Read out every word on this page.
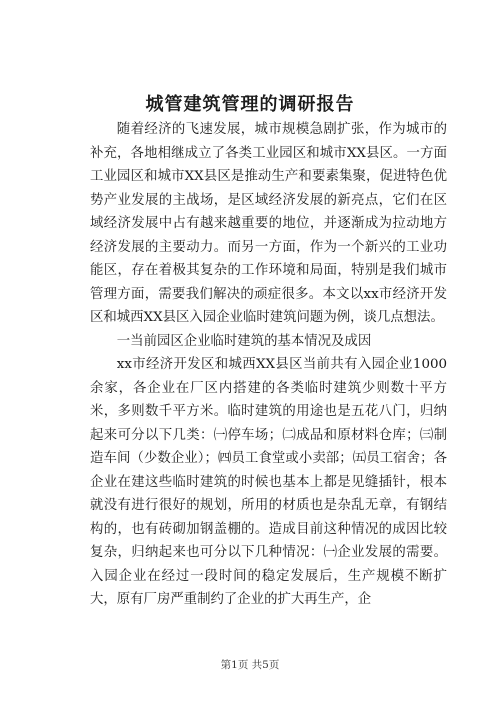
城管建筑管理的调研报告

随着经济的飞速发展，城市规模急剧扩张，作为城市的补充，各地相继成立了各类工业园区和城市XX县区。一方面工业园区和城市XX县区是推动生产和要素集聚，促进特色优势产业发展的主战场，是区域经济发展的新亮点，它们在区域经济发展中占有越来越重要的地位，并逐渐成为拉动地方经济发展的主要动力。而另一方面，作为一个新兴的工业功能区，存在着极其复杂的工作环境和局面，特别是我们城市管理方面，需要我们解决的顽症很多。本文以xx市经济开发区和城西XX县区入园企业临时建筑问题为例，谈几点想法。

一当前园区企业临时建筑的基本情况及成因

xx市经济开发区和城西XX县区当前共有入园企业1000余家，各企业在厂区内搭建的各类临时建筑少则数十平方米，多则数千平方米。临时建筑的用途也是五花八门，归纳起来可分以下几类：㈠停车场；㈡成品和原材料仓库；㈢制造车间（少数企业）；㈣员工食堂或小卖部；㈤员工宿舍；各企业在建这些临时建筑的时候也基本上都是见缝插针，根本就没有进行很好的规划，所用的材质也是杂乱无章，有钢结构的，也有砖砌加钢盖棚的。造成目前这种情况的成因比较复杂，归纳起来也可分以下几种情况：㈠企业发展的需要。入园企业在经过一段时间的稳定发展后，生产规模不断扩大，原有厂房严重制约了企业的扩大再生产，企

第1页 共5页
